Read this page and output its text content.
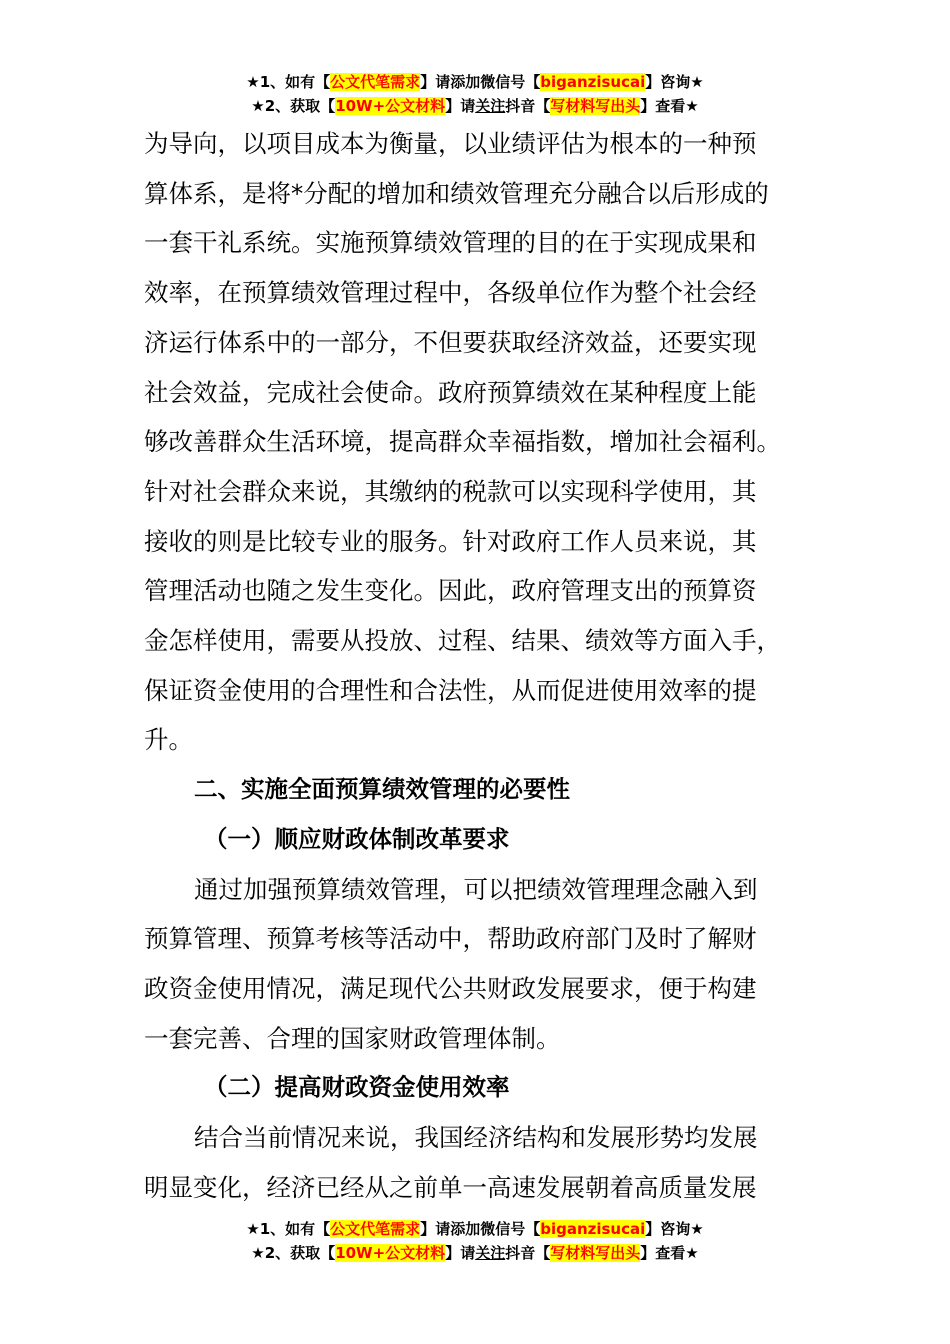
★1、如有【公文代笔需求】请添加微信号【biganzisucai】咨询★
★2、获取【10W+公文材料】请关注抖音【写材料写出头】查看★

为导向，以项目成本为衡量，以业绩评估为根本的一种预
算体系，是将*分配的增加和绩效管理充分融合以后形成的
一套干礼系统。实施预算绩效管理的目的在于实现成果和
效率，在预算绩效管理过程中，各级单位作为整个社会经
济运行体系中的一部分，不但要获取经济效益，还要实现
社会效益，完成社会使命。政府预算绩效在某种程度上能
够改善群众生活环境，提高群众幸福指数，增加社会福利。
针对社会群众来说，其缴纳的税款可以实现科学使用，其
接收的则是比较专业的服务。针对政府工作人员来说，其
管理活动也随之发生变化。因此，政府管理支出的预算资
金怎样使用，需要从投放、过程、结果、绩效等方面入手，
保证资金使用的合理性和合法性，从而促进使用效率的提
升。

二、实施全面预算绩效管理的必要性

（一）顺应财政体制改革要求

通过加强预算绩效管理，可以把绩效管理理念融入到
预算管理、预算考核等活动中，帮助政府部门及时了解财
政资金使用情况，满足现代公共财政发展要求，便于构建
一套完善、合理的国家财政管理体制。

（二）提高财政资金使用效率

结合当前情况来说，我国经济结构和发展形势均发展
明显变化，经济已经从之前单一高速发展朝着高质量发展

★1、如有【公文代笔需求】请添加微信号【biganzisucai】咨询★
★2、获取【10W+公文材料】请关注抖音【写材料写出头】查看★
